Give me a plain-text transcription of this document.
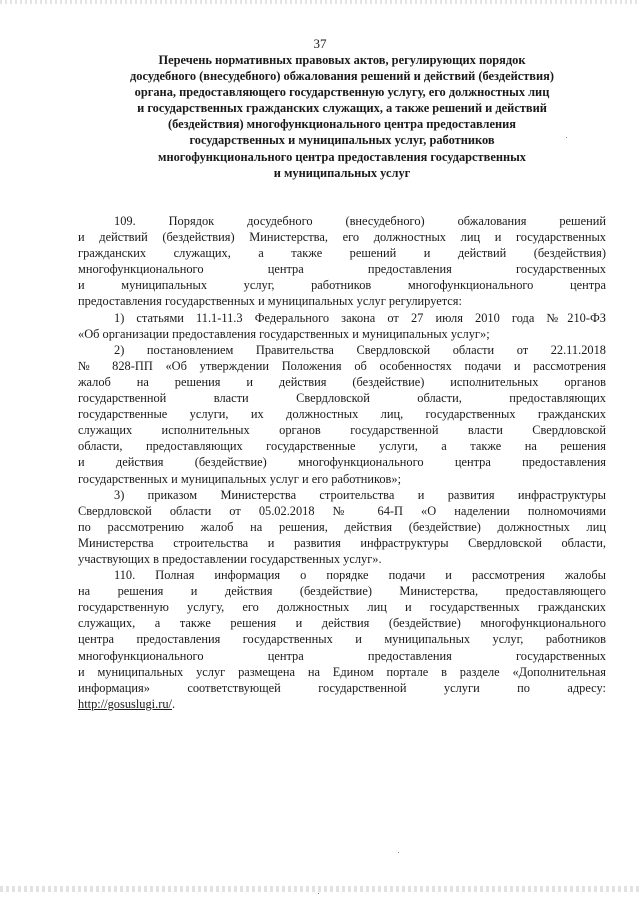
37
Перечень нормативных правовых актов, регулирующих порядок
досудебного (внесудебного) обжалования решений и действий (бездействия)
органа, предоставляющего государственную услугу, его должностных лиц
и государственных гражданских служащих, а также решений и действий
(бездействия) многофункционального центра предоставления
государственных и муниципальных услуг, работников
многофункционального центра предоставления государственных
и муниципальных услуг
109. Порядок досудебного (внесудебного) обжалования решений
и действий (бездействия) Министерства, его должностных лиц и государственных
гражданских служащих, а также решений и действий (бездействия)
многофункционального центра предоставления государственных
и муниципальных услуг, работников многофункционального центра
предоставления государственных и муниципальных услуг регулируется:
1) статьями 11.1-11.3 Федерального закона от 27 июля 2010 года №210-ФЗ
«Об организации предоставления государственных и муниципальных услуг»;
2) постановлением Правительства Свердловской области от 22.11.2018
№ 828-ПП «Об утверждении Положения об особенностях подачи и рассмотрения
жалоб на решения и действия (бездействие) исполнительных органов
государственной власти Свердловской области, предоставляющих
государственные услуги, их должностных лиц, государственных гражданских
служащих исполнительных органов государственной власти Свердловской
области, предоставляющих государственные услуги, а также на решения
и действия (бездействие) многофункционального центра предоставления
государственных и муниципальных услуг и его работников»;
3) приказом Министерства строительства и развития инфраструктуры
Свердловской области от 05.02.2018 № 64-П «О наделении полномочиями
по рассмотрению жалоб на решения, действия (бездействие) должностных лиц
Министерства строительства и развития инфраструктуры Свердловской области,
участвующих в предоставлении государственных услуг».
110. Полная информация о порядке подачи и рассмотрения жалобы
на решения и действия (бездействие) Министерства, предоставляющего
государственную услугу, его должностных лиц и государственных гражданских
служащих, а также решения и действия (бездействие) многофункционального
центра предоставления государственных и муниципальных услуг, работников
многофункционального центра предоставления государственных
и муниципальных услуг размещена на Едином портале в разделе «Дополнительная
информация» соответствующей государственной услуги по адресу:
http://gosuslugi.ru/.
